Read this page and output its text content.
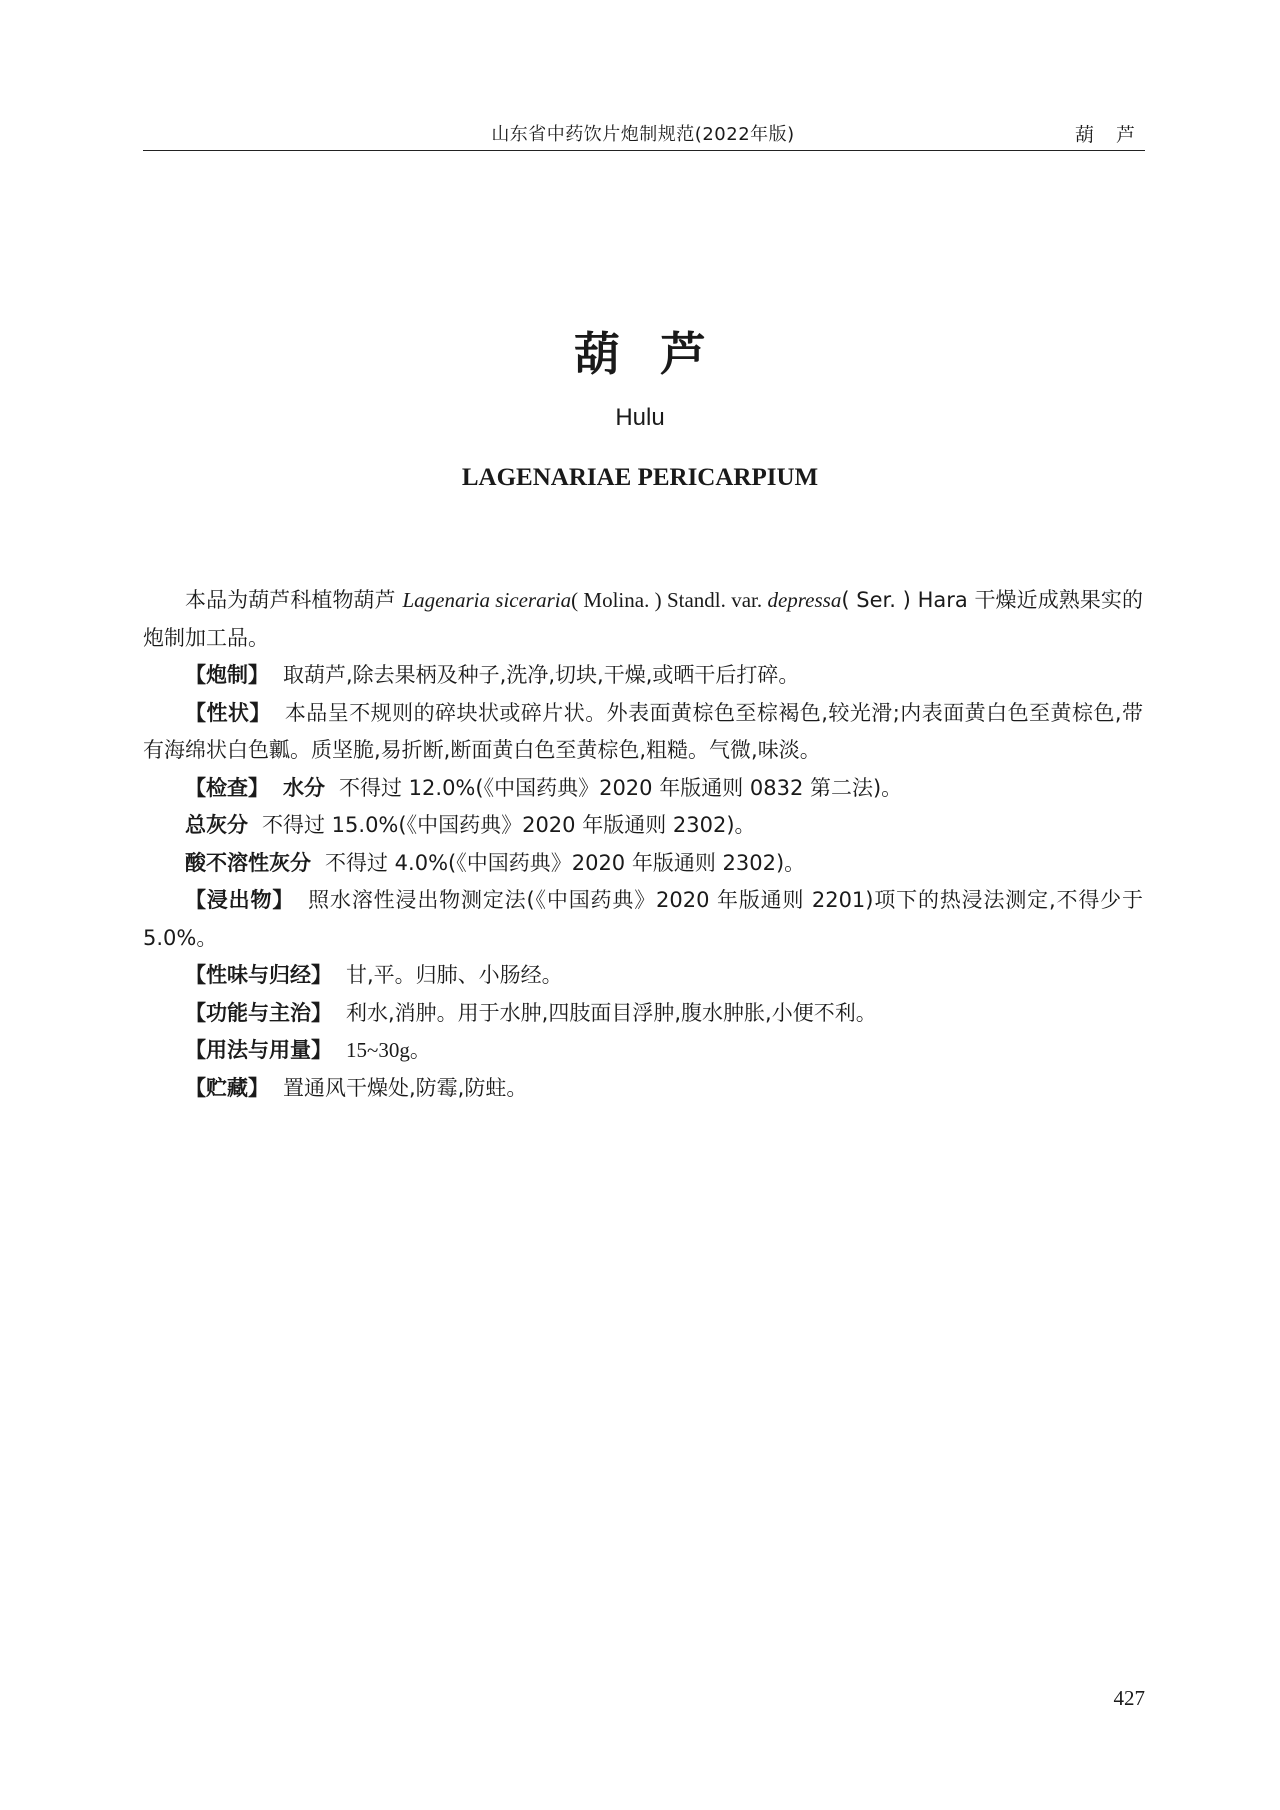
山东省中药饮片炮制规范(2022年版)	葫 芦
葫芦
Hulu
LAGENARIAE PERICARPIUM

本品为葫芦科植物葫芦 Lagenaria siceraria( Molina. ) Standl. var. depressa( Ser. ) Hara 干燥近成熟果实的炮制加工品。

【炮制】 取葫芦,除去果柄及种子,洗净,切块,干燥,或晒干后打碎。

【性状】 本品呈不规则的碎块状或碎片状。外表面黄棕色至棕褐色,较光滑;内表面黄白色至黄棕色,带有海绵状白色瓤。质坚脆,易折断,断面黄白色至黄棕色,粗糙。气微,味淡。

【检查】 水分 不得过 12.0%(《中国药典》2020 年版通则 0832 第二法)。

总灰分 不得过 15.0%(《中国药典》2020 年版通则 2302)。

酸不溶性灰分 不得过 4.0%(《中国药典》2020 年版通则 2302)。

【浸出物】 照水溶性浸出物测定法(《中国药典》2020 年版通则 2201)项下的热浸法测定,不得少于 5.0%。

【性味与归经】 甘,平。归肺、小肠经。

【功能与主治】 利水,消肿。用于水肿,四肢面目浮肿,腹水肿胀,小便不利。

【用法与用量】 15~30g。

【贮藏】 置通风干燥处,防霉,防蛀。

427
